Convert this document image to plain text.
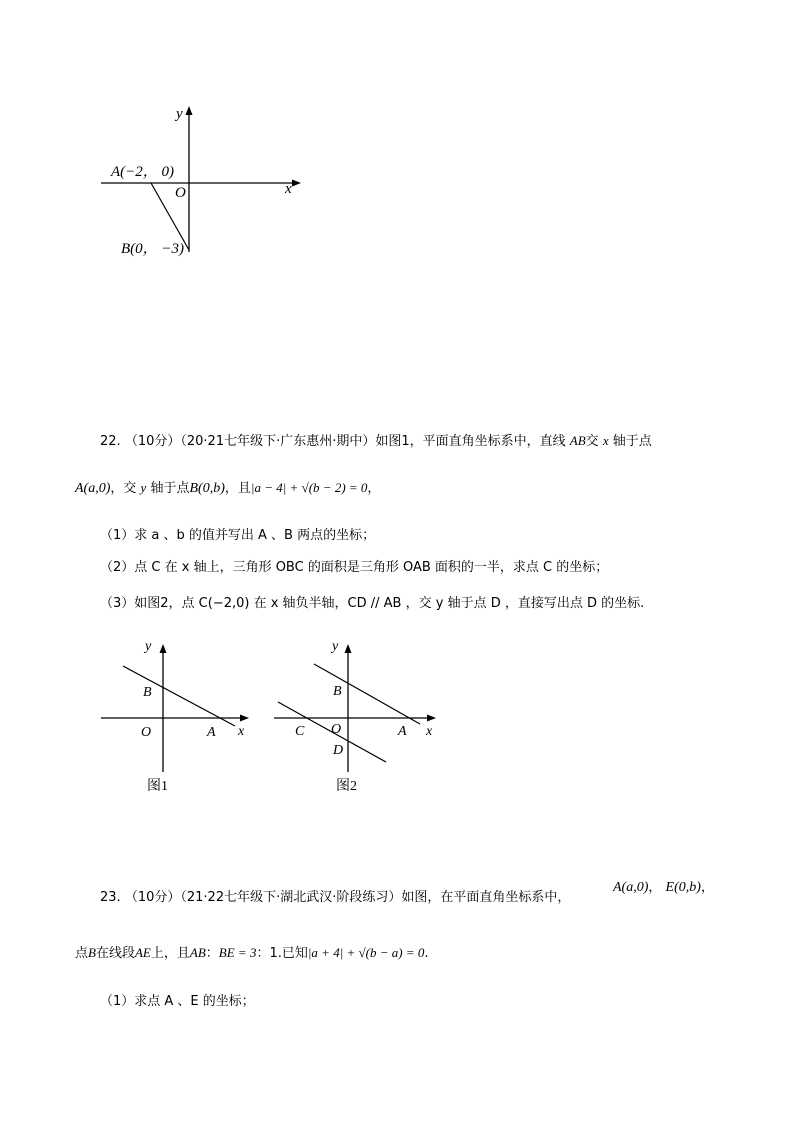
y
x
O
A(−2， 0)
B(0， −3)
22. （10分）（20·21七年级下·广东惠州·期中）如图1，平面直角坐标系中，直线 AB交 x 轴于点
A(a,0)，交 y 轴于点B(0,b)，且|a − 4| + √(b − 2) = 0，
（1）求 a 、b 的值并写出 A 、B 两点的坐标；
（2）点 C 在 x 轴上，三角形 OBC 的面积是三角形 OAB 面积的一半，求点 C 的坐标；
（3）如图2，点 C(−2,0) 在 x 轴负半轴，CD // AB ，交 y 轴于点 D ，直接写出点 D 的坐标.
y
x
B
O	A
图1
y
x
B
C O	A
D
图2
23. （10分）（21·22七年级下·湖北武汉·阶段练习）如图，在平面直角坐标系中，
A(a,0)， E(0,b)，
点B在线段AE上，且AB：BE = 3：1.已知|a + 4| + √(b − a) = 0.
（1）求点 A 、E 的坐标；
